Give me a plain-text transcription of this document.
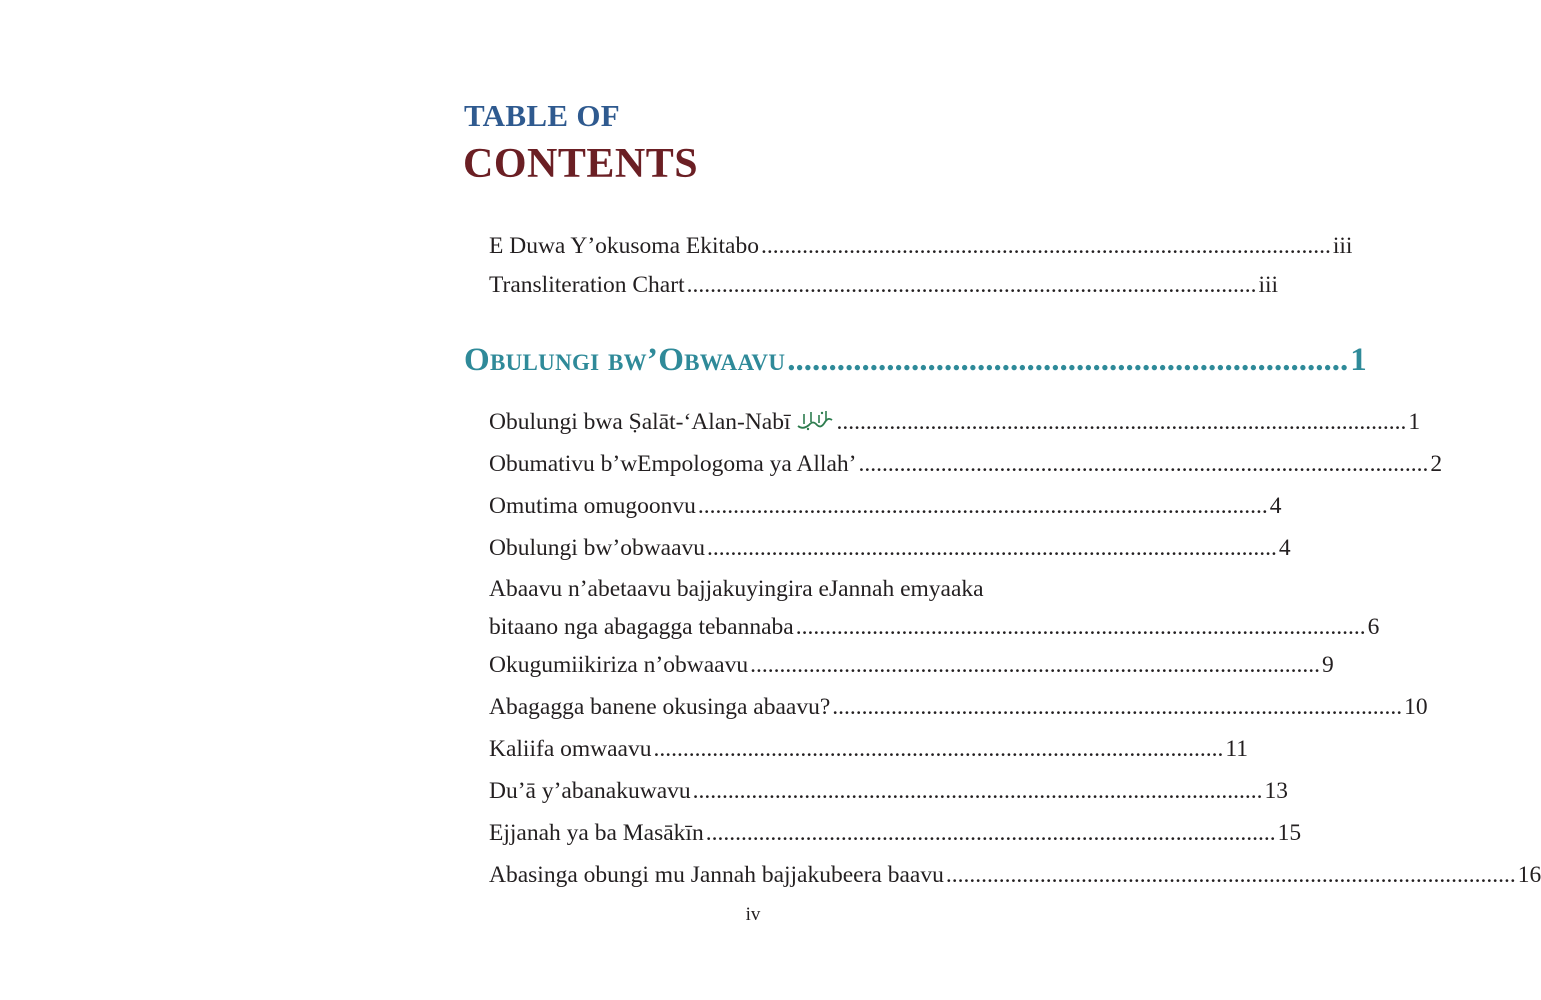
TABLE OF
CONTENTS
E Duwa Y’okusoma Ekitabo ................................................................................................. iii
Transliteration Chart ................................................................................................. iii
Obulungi bw’Obwaavu .................................................................... 1
Obulungi bwa Ṣalāt-‘Alan-Nabī	................................................................................................. 1
Obumativu b’wEmpologoma ya Allah’ ................................................................................................. 2
Omutima omugoonvu ................................................................................................. 4
Obulungi bw’obwaavu ................................................................................................. 4
Abaavu n’abetaavu bajjakuyingira eJannah emyaaka
bitaano nga abagagga tebannaba ................................................................................................. 6
Okugumiikiriza n’obwaavu ................................................................................................. 9
Abagagga banene okusinga abaavu? ................................................................................................. 10
Kaliifa omwaavu ................................................................................................. 11
Du’ā y’abanakuwavu ................................................................................................. 13
Ejjanah ya ba Masākīn ................................................................................................. 15
Abasinga obungi mu Jannah bajjakubeera baavu ................................................................................................. 16
iv
